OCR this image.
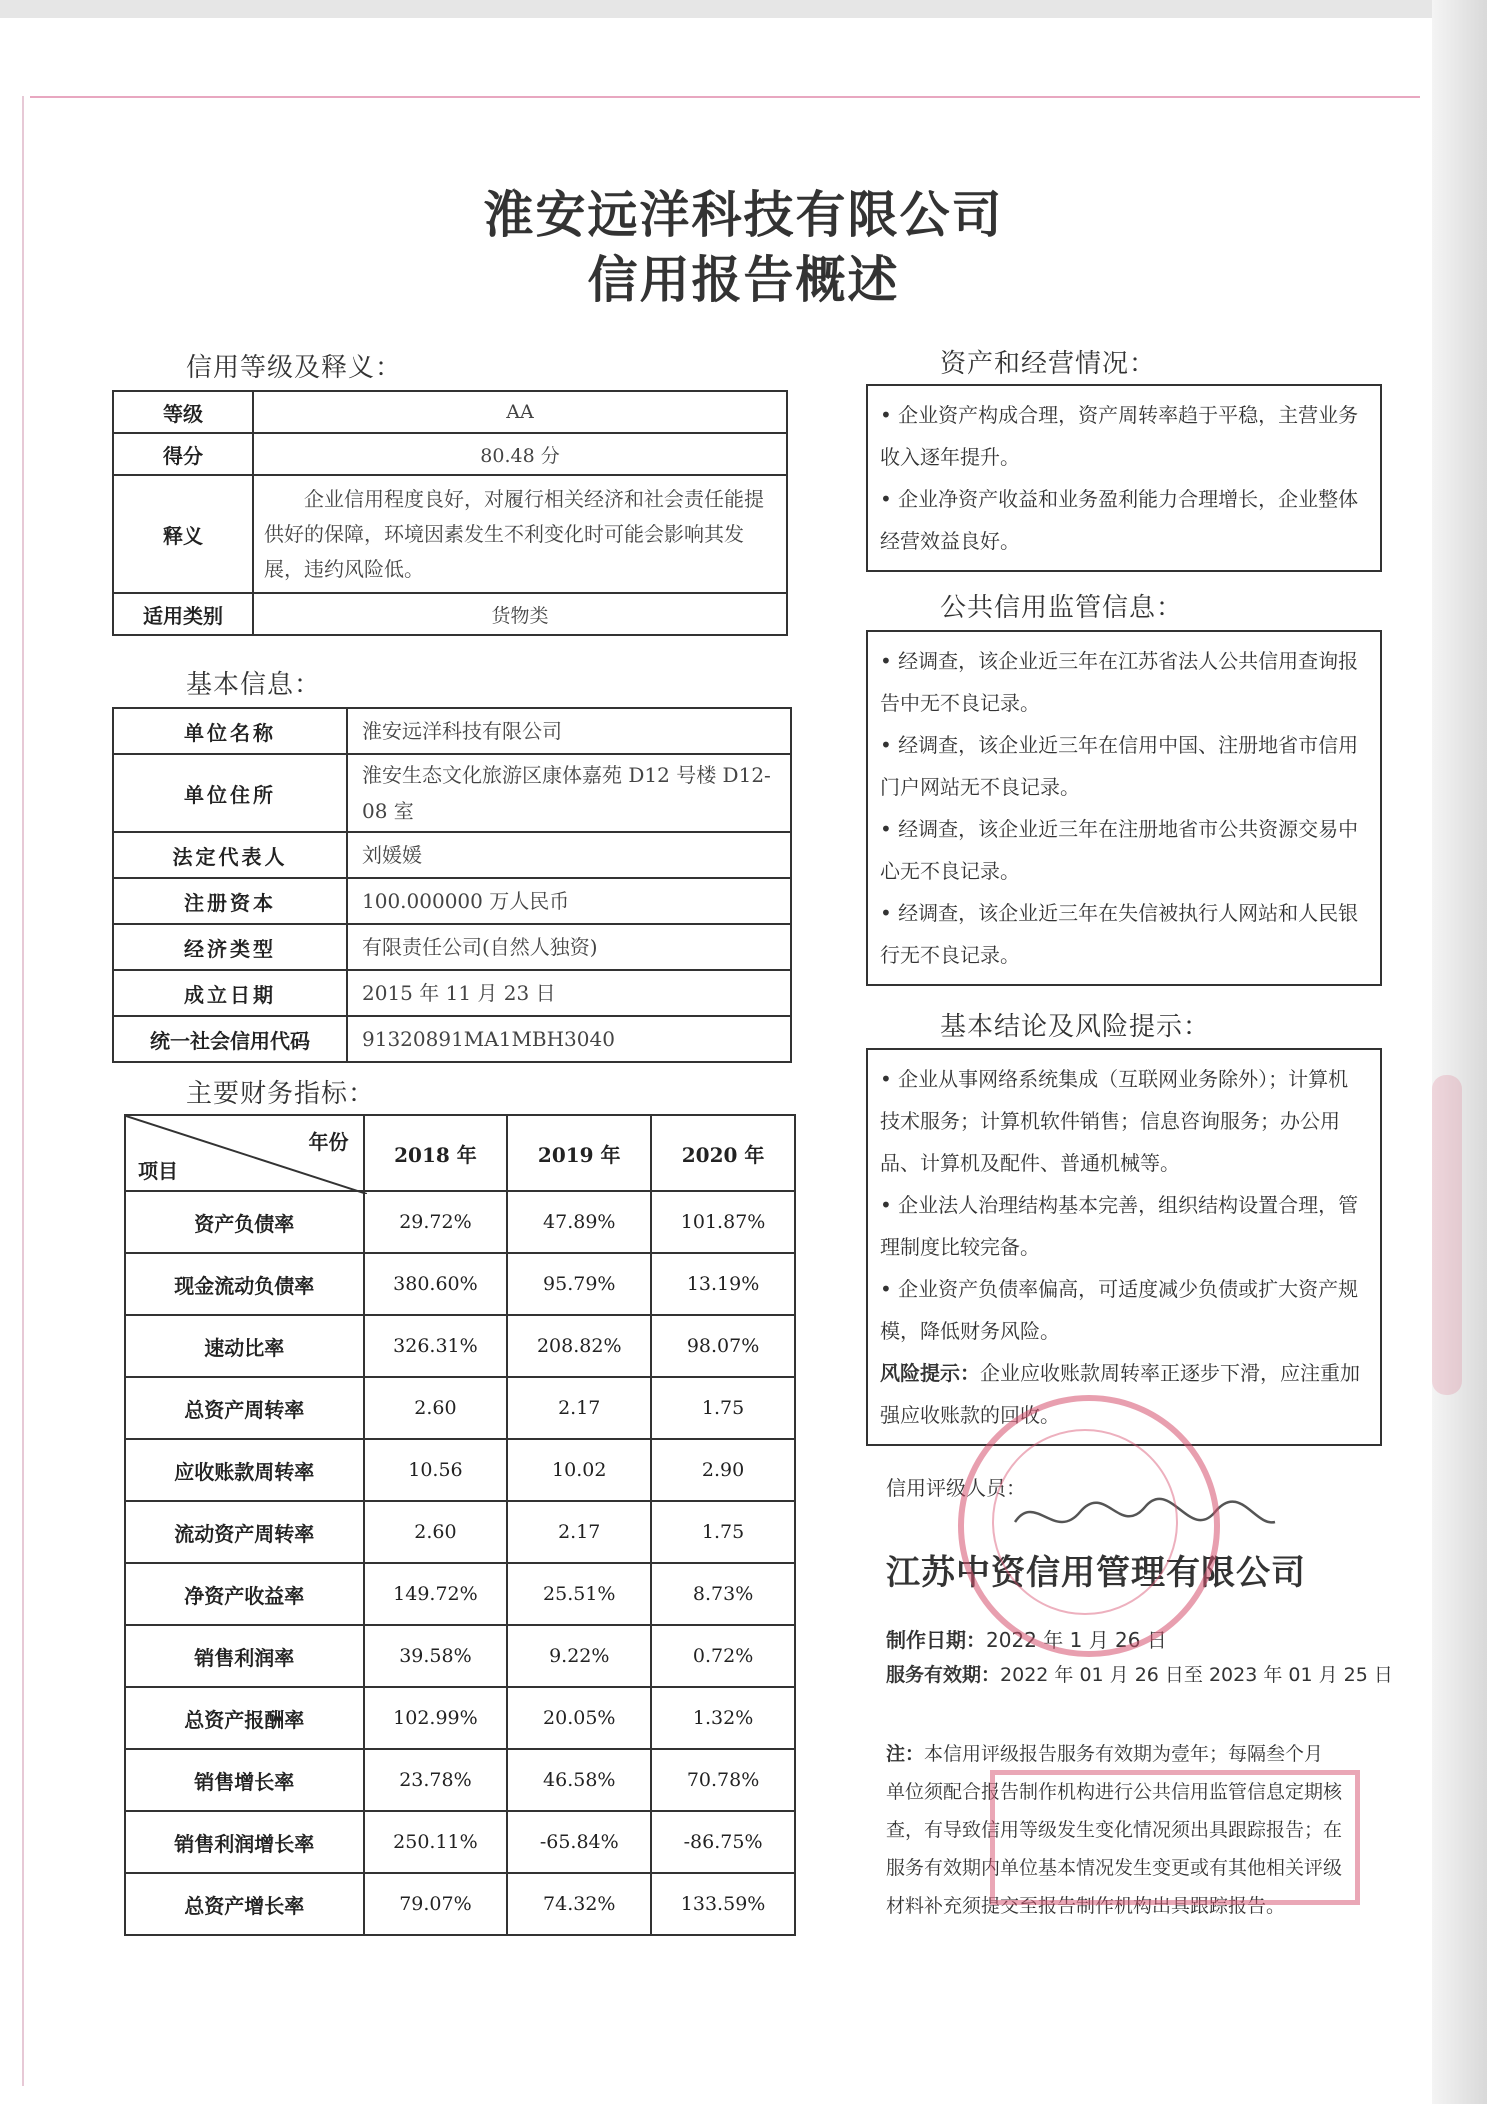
淮安远洋科技有限公司
信用报告概述
信用等级及释义：
等级	AA
得分	80.48 分
释义	企业信用程度良好，对履行相关经济和社会责任能提供好的保障，环境因素发生不利变化时可能会影响其发展，违约风险低。
适用类别	货物类
基本信息：
单位名称	淮安远洋科技有限公司
单位住所	淮安生态文化旅游区康体嘉苑 D12 号楼 D12-08 室
法定代表人	刘媛媛
注册资本	100.000000 万人民币
经济类型	有限责任公司(自然人独资)
成立日期	2015 年 11 月 23 日
统一社会信用代码	91320891MA1MBH3040
主要财务指标：
年份
项目	2018 年	2019 年	2020 年
资产负债率	29.72%	47.89%	101.87%
现金流动负债率	380.60%	95.79%	13.19%
速动比率	326.31%	208.82%	98.07%
总资产周转率	2.60	2.17	1.75
应收账款周转率	10.56	10.02	2.90
流动资产周转率	2.60	2.17	1.75
净资产收益率	149.72%	25.51%	8.73%
销售利润率	39.58%	9.22%	0.72%
总资产报酬率	102.99%	20.05%	1.32%
销售增长率	23.78%	46.58%	70.78%
销售利润增长率	250.11%	-65.84%	-86.75%
总资产增长率	79.07%	74.32%	133.59%
资产和经营情况：

• 企业资产构成合理，资产周转率趋于平稳，主营业务收入逐年提升。

• 企业净资产收益和业务盈利能力合理增长，企业整体经营效益良好。

公共信用监管信息：

• 经调查，该企业近三年在江苏省法人公共信用查询报告中无不良记录。

• 经调查，该企业近三年在信用中国、注册地省市信用门户网站无不良记录。

• 经调查，该企业近三年在注册地省市公共资源交易中心无不良记录。

• 经调查，该企业近三年在失信被执行人网站和人民银行无不良记录。

基本结论及风险提示：

• 企业从事网络系统集成（互联网业务除外）；计算机技术服务；计算机软件销售；信息咨询服务；办公用品、计算机及配件、普通机械等。

• 企业法人治理结构基本完善，组织结构设置合理，管理制度比较完备。

• 企业资产负债率偏高，可适度减少负债或扩大资产规模，降低财务风险。

风险提示：企业应收账款周转率正逐步下滑，应注重加强应收账款的回收。

信用评级人员：
江苏中资信用管理有限公司
制作日期：2022 年 1 月 26 日
服务有效期：2022 年 01 月 26 日至 2023 年 01 月 25 日
注：本信用评级报告服务有效期为壹年；每隔叁个月单位须配合报告制作机构进行公共信用监管信息定期核查，有导致信用等级发生变化情况须出具跟踪报告；在服务有效期内单位基本情况发生变更或有其他相关评级材料补充须提交至报告制作机构出具跟踪报告。
